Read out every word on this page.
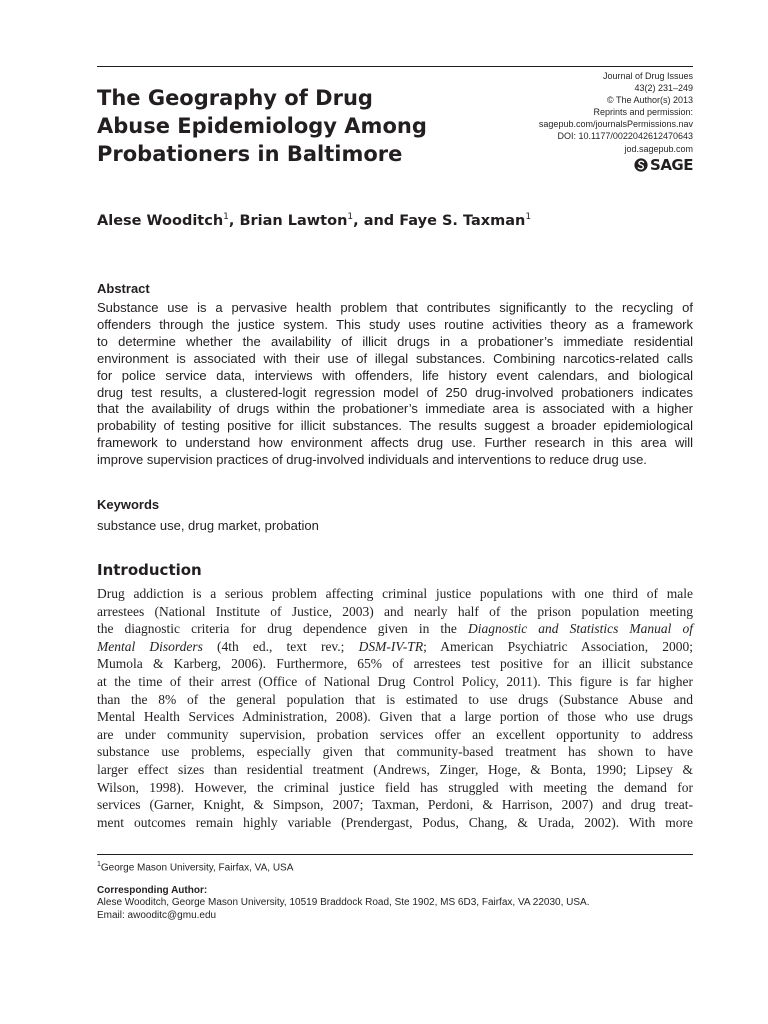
The Geography of Drug
Abuse Epidemiology Among
Probationers in Baltimore
Journal of Drug Issues
43(2) 231–249
© The Author(s) 2013
Reprints and permission:
sagepub.com/journalsPermissions.nav
DOI: 10.1177/0022042612470643
jod.sagepub.com
SAGE
Alese Wooditch$^1$, Brian Lawton$^1$, and Faye S. Taxman$^1$
Abstract

Substance use is a pervasive health problem that contributes significantly to the recycling of
offenders through the justice system. This study uses routine activities theory as a framework
to determine whether the availability of illicit drugs in a probationer’s immediate residential
environment is associated with their use of illegal substances. Combining narcotics-related calls
for police service data, interviews with offenders, life history event calendars, and biological
drug test results, a clustered-logit regression model of 250 drug-involved probationers indicates
that the availability of drugs within the probationer’s immediate area is associated with a higher
probability of testing positive for illicit substances. The results suggest a broader epidemiological
framework to understand how environment affects drug use. Further research in this area will
improve supervision practices of drug-involved individuals and interventions to reduce drug use.

Keywords
substance use, drug market, probation
Introduction

Drug addiction is a serious problem affecting criminal justice populations with one third of male
arrestees (National Institute of Justice, 2003) and nearly half of the prison population meeting
the diagnostic criteria for drug dependence given in the Diagnostic and Statistics Manual of
Mental Disorders (4th ed., text rev.; DSM-IV-TR; American Psychiatric Association, 2000;
Mumola & Karberg, 2006). Furthermore, 65% of arrestees test positive for an illicit substance
at the time of their arrest (Office of National Drug Control Policy, 2011). This figure is far higher
than the 8% of the general population that is estimated to use drugs (Substance Abuse and
Mental Health Services Administration, 2008). Given that a large portion of those who use drugs
are under community supervision, probation services offer an excellent opportunity to address
substance use problems, especially given that community-based treatment has shown to have
larger effect sizes than residential treatment (Andrews, Zinger, Hoge, & Bonta, 1990; Lipsey &
Wilson, 1998). However, the criminal justice field has struggled with meeting the demand for
services (Garner, Knight, & Simpson, 2007; Taxman, Perdoni, & Harrison, 2007) and drug treat-
ment outcomes remain highly variable (Prendergast, Podus, Chang, & Urada, 2002). With more

$^1$George Mason University, Fairfax, VA, USA
Corresponding Author:
Alese Wooditch, George Mason University, 10519 Braddock Road, Ste 1902, MS 6D3, Fairfax, VA 22030, USA.
Email: awooditc@gmu.edu
